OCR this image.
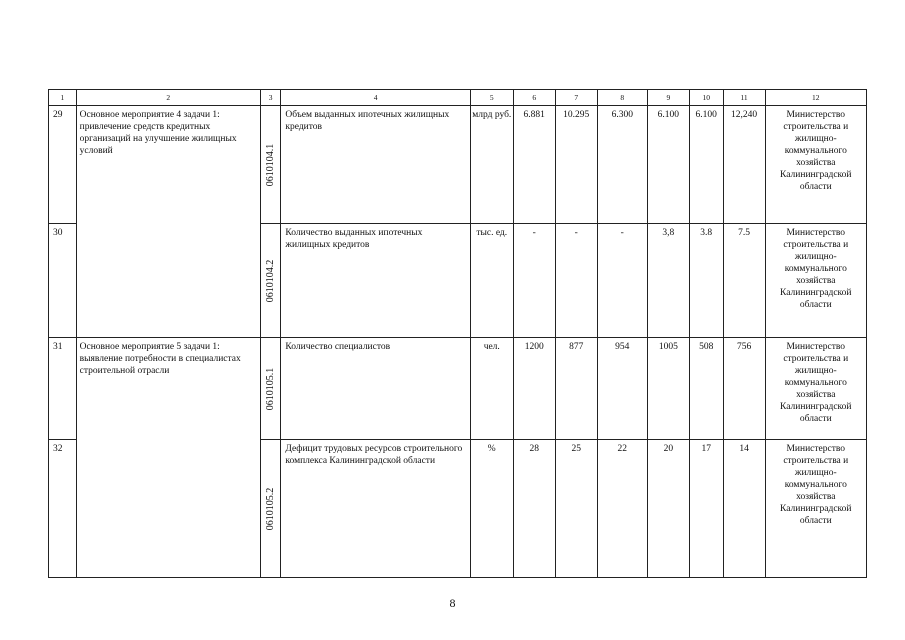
1	2	3	4	5	6	7	8	9	10	11	12
29	Основное мероприятие 4 задачи 1: привлечение средств кредитных организаций на улучшение жилищных условий	0610104.1	Объем выданных ипотечных жилищных кредитов	млрд руб.	6.881	10.295	6.300	6.100	6.100	12,240	Министерство строительства и жилищно-коммунального хозяйства Калининградской области
30		0610104.2	Количество выданных ипотечных жилищных кредитов	тыс. ед.	-	-	-	3,8	3.8	7.5	Министерство строительства и жилищно-коммунального хозяйства Калининградской области
31	Основное мероприятие 5 задачи 1: выявление потребности в специалистах строительной отрасли	0610105.1	Количество специалистов	чел.	1200	877	954	1005	508	756	Министерство строительства и жилищно-коммунального хозяйства Калининградской области
32		0610105.2	Дефицит трудовых ресурсов строительного комплекса Калининградской области	%	28	25	22	20	17	14	Министерство строительства и жилищно-коммунального хозяйства Калининградской области
8
